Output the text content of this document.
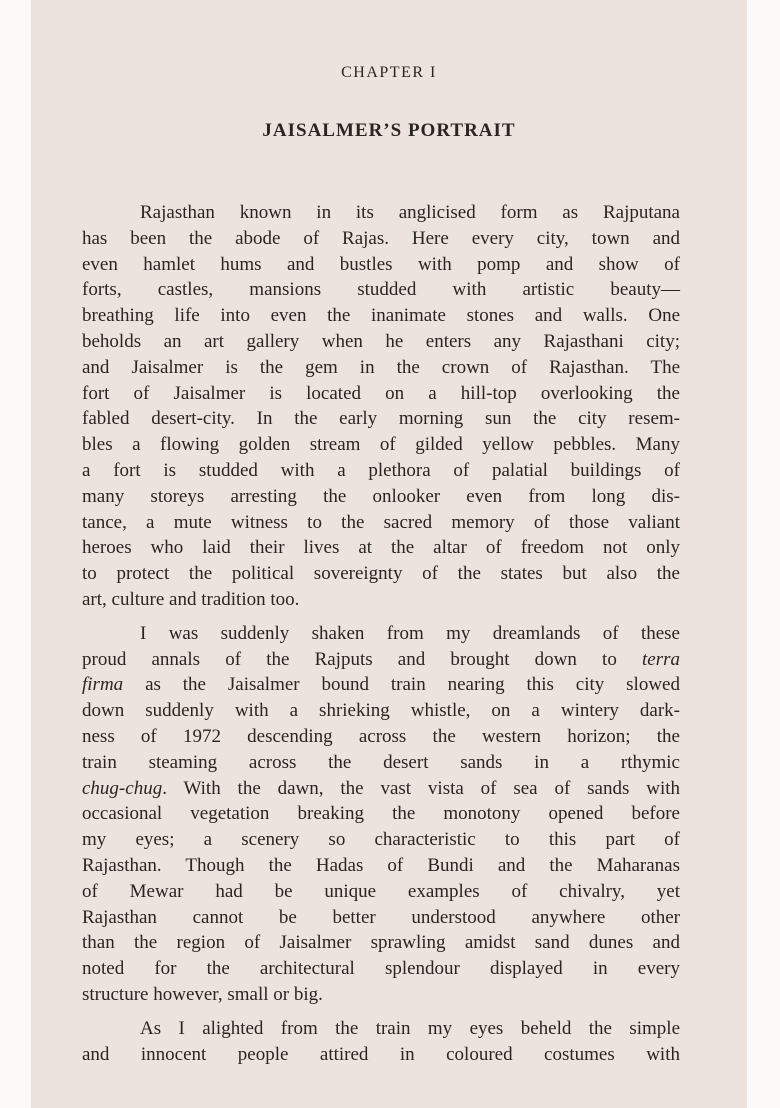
CHAPTER I
JAISALMER’S PORTRAIT
Rajasthan known in its anglicised form as Rajputana
has been the abode of Rajas. Here every city, town and
even hamlet hums and bustles with pomp and show of
forts, castles, mansions studded with artistic beauty—
breathing life into even the inanimate stones and walls. One
beholds an art gallery when he enters any Rajasthani city;
and Jaisalmer is the gem in the crown of Rajasthan. The
fort of Jaisalmer is located on a hill-top overlooking the
fabled desert-city. In the early morning sun the city resem-
bles a flowing golden stream of gilded yellow pebbles. Many
a fort is studded with a plethora of palatial buildings of
many storeys arresting the onlooker even from long dis-
tance, a mute witness to the sacred memory of those valiant
heroes who laid their lives at the altar of freedom not only
to protect the political sovereignty of the states but also the
art, culture and tradition too.
I was suddenly shaken from my dreamlands of these
proud annals of the Rajputs and brought down to terra
firma as the Jaisalmer bound train nearing this city slowed
down suddenly with a shrieking whistle, on a wintery dark-
ness of 1972 descending across the western horizon; the
train steaming across the desert sands in a rthymic
chug-chug. With the dawn, the vast vista of sea of sands with
occasional vegetation breaking the monotony opened before
my eyes; a scenery so characteristic to this part of
Rajasthan. Though the Hadas of Bundi and the Maharanas
of Mewar had be unique examples of chivalry, yet
Rajasthan cannot be better understood anywhere other
than the region of Jaisalmer sprawling amidst sand dunes and
noted for the architectural splendour displayed in every
structure however, small or big.
As I alighted from the train my eyes beheld the simple
and innocent people attired in coloured costumes with
